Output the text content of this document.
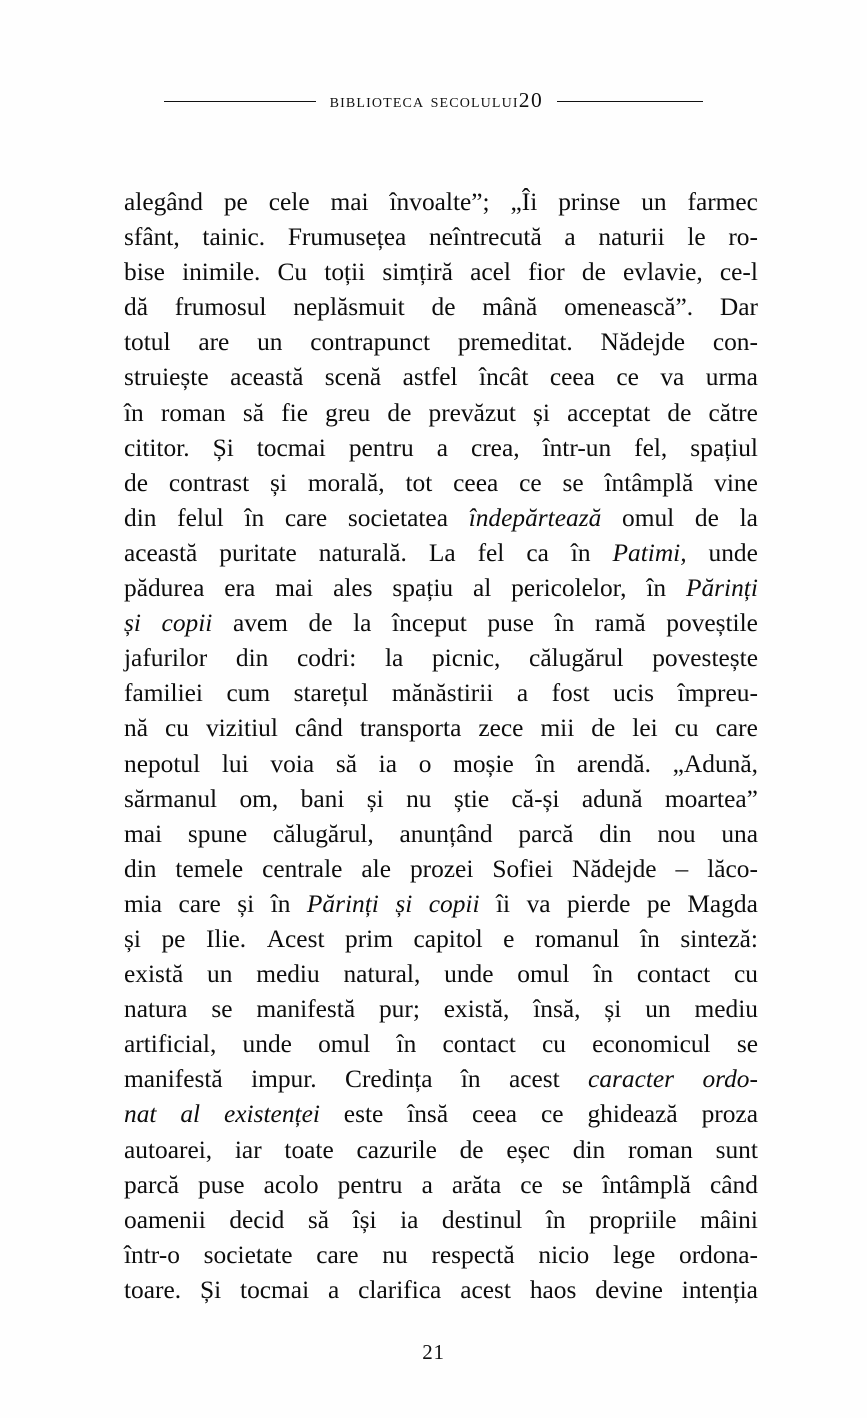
biblioteca secolului20
alegând pe cele mai învoalte”; „Îi prinse un farmec
sfânt, tainic. Frumusețea neîntrecută a naturii le ro-
bise inimile. Cu toții simțiră acel fior de evlavie, ce-l
dă frumosul neplăsmuit de mână omenească”. Dar
totul are un contrapunct premeditat. Nădejde con-
struiește această scenă astfel încât ceea ce va urma
în roman să fie greu de prevăzut și acceptat de către
cititor. Și tocmai pentru a crea, într-un fel, spațiul
de contrast și morală, tot ceea ce se întâmplă vine
din felul în care societatea îndepărtează omul de la
această puritate naturală. La fel ca în Patimi, unde
pădurea era mai ales spațiu al pericolelor, în Părinți
și copii avem de la început puse în ramă poveștile
jafurilor din codri: la picnic, călugărul povestește
familiei cum starețul mănăstirii a fost ucis împreu-
nă cu vizitiul când transporta zece mii de lei cu care
nepotul lui voia să ia o moșie în arendă. „Adună,
sărmanul om, bani și nu știe că-și adună moartea”
mai spune călugărul, anunțând parcă din nou una
din temele centrale ale prozei Sofiei Nădejde – lăco-
mia care și în Părinți și copii îi va pierde pe Magda
și pe Ilie. Acest prim capitol e romanul în sinteză:
există un mediu natural, unde omul în contact cu
natura se manifestă pur; există, însă, și un mediu
artificial, unde omul în contact cu economicul se
manifestă impur. Credința în acest caracter ordo-
nat al existenței este însă ceea ce ghidează proza
autoarei, iar toate cazurile de eșec din roman sunt
parcă puse acolo pentru a arăta ce se întâmplă când
oamenii decid să își ia destinul în propriile mâini
într-o societate care nu respectă nicio lege ordona-
toare. Și tocmai a clarifica acest haos devine intenția
21
